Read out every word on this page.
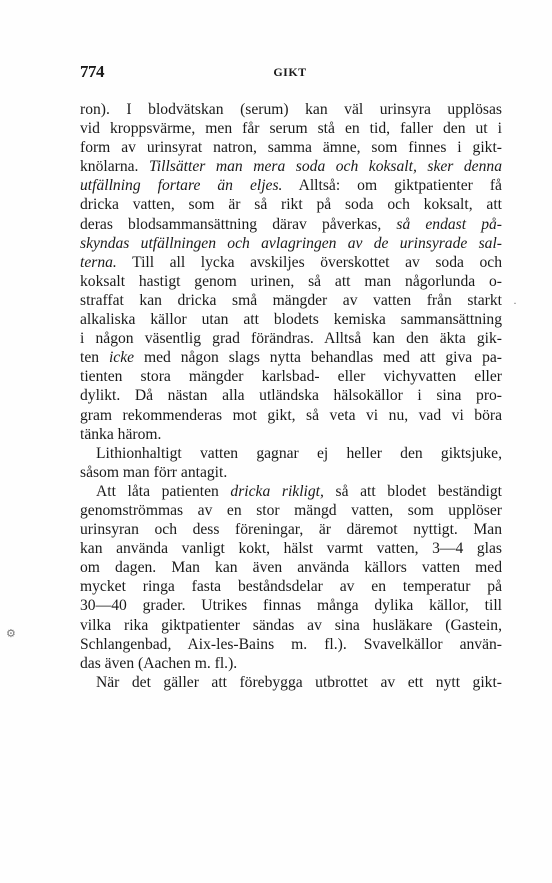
774	GIKT
ron). I blodvätskan (serum) kan väl urinsyra upplösas
vid kroppsvärme, men får serum stå en tid, faller den ut i
form av urinsyrat natron, samma ämne, som finnes i gikt-
knölarna. Tillsätter man mera soda och koksalt, sker denna
utfällning fortare än eljes. Alltså: om giktpatienter få
dricka vatten, som är så rikt på soda och koksalt, att
deras blodsammansättning därav påverkas, så endast på-
skyndas utfällningen och avlagringen av de urinsyrade sal-
terna. Till all lycka avskiljes överskottet av soda och
koksalt hastigt genom urinen, så att man någorlunda o-
straffat kan dricka små mängder av vatten från starkt
alkaliska källor utan att blodets kemiska sammansättning
i någon väsentlig grad förändras. Alltså kan den äkta gik-
ten icke med någon slags nytta behandlas med att giva pa-
tienten stora mängder karlsbad- eller vichyvatten eller
dylikt. Då nästan alla utländska hälsokällor i sina pro-
gram rekommenderas mot gikt, så veta vi nu, vad vi böra
tänka härom.
Lithionhaltigt vatten gagnar ej heller den giktsjuke,
såsom man förr antagit.
Att låta patienten dricka rikligt, så att blodet beständigt
genomströmmas av en stor mängd vatten, som upplöser
urinsyran och dess föreningar, är däremot nyttigt. Man
kan använda vanligt kokt, hälst varmt vatten, 3—4 glas
om dagen. Man kan även använda källors vatten med
mycket ringa fasta beståndsdelar av en temperatur på
30—40 grader. Utrikes finnas många dylika källor, till
vilka rika giktpatienter sändas av sina husläkare (Gastein,
Schlangenbad, Aix-les-Bains m. fl.). Svavelkällor använ-
das även (Aachen m. fl.).
När det gäller att förebygga utbrottet av ett nytt gikt-
·
⚙
